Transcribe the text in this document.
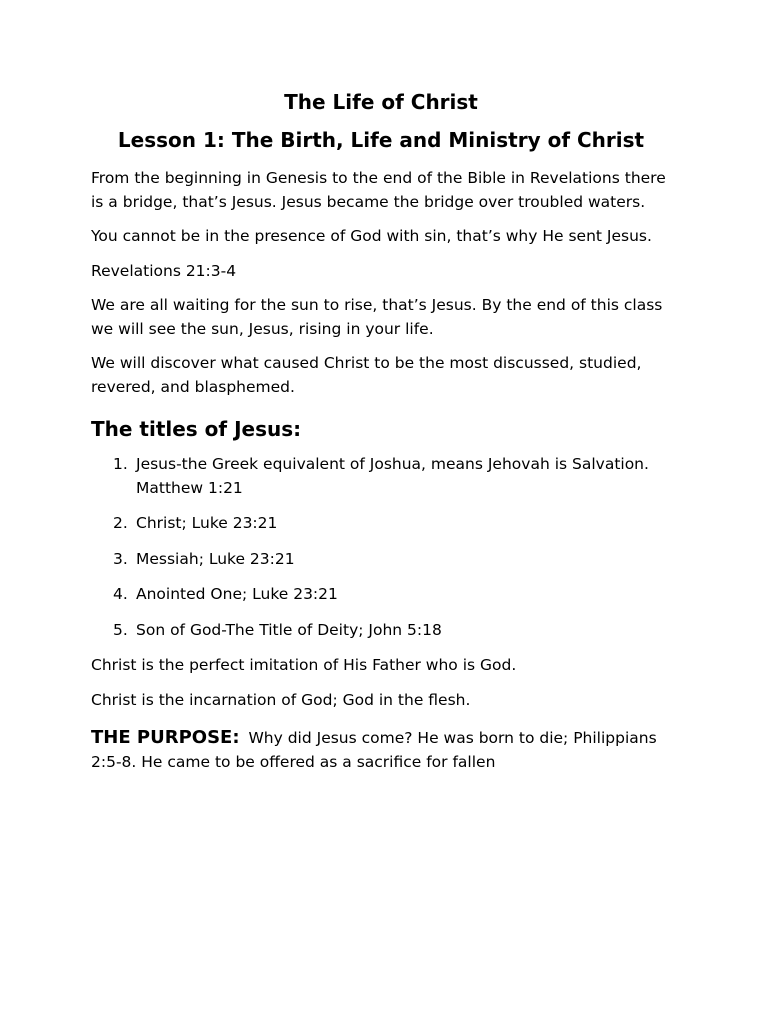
The Life of Christ
Lesson 1: The Birth, Life and Ministry of Christ

From the beginning in Genesis to the end of the Bible in Revelations there is a bridge, that’s Jesus. Jesus became the bridge over troubled waters.

You cannot be in the presence of God with sin, that’s why He sent Jesus.

Revelations 21:3-4

We are all waiting for the sun to rise, that’s Jesus. By the end of this class we will see the sun, Jesus, rising in your life.

We will discover what caused Christ to be the most discussed, studied, revered, and blasphemed.

The titles of Jesus:
1. Jesus-the Greek equivalent of Joshua, means Jehovah is Salvation. Matthew 1:21
2. Christ; Luke 23:21
3. Messiah; Luke 23:21
4. Anointed One; Luke 23:21
5. Son of God-The Title of Deity; John 5:18

Christ is the perfect imitation of His Father who is God.

Christ is the incarnation of God; God in the flesh.

THE PURPOSE: Why did Jesus come? He was born to die; Philippians 2:5-8. He came to be offered as a sacrifice for fallen
